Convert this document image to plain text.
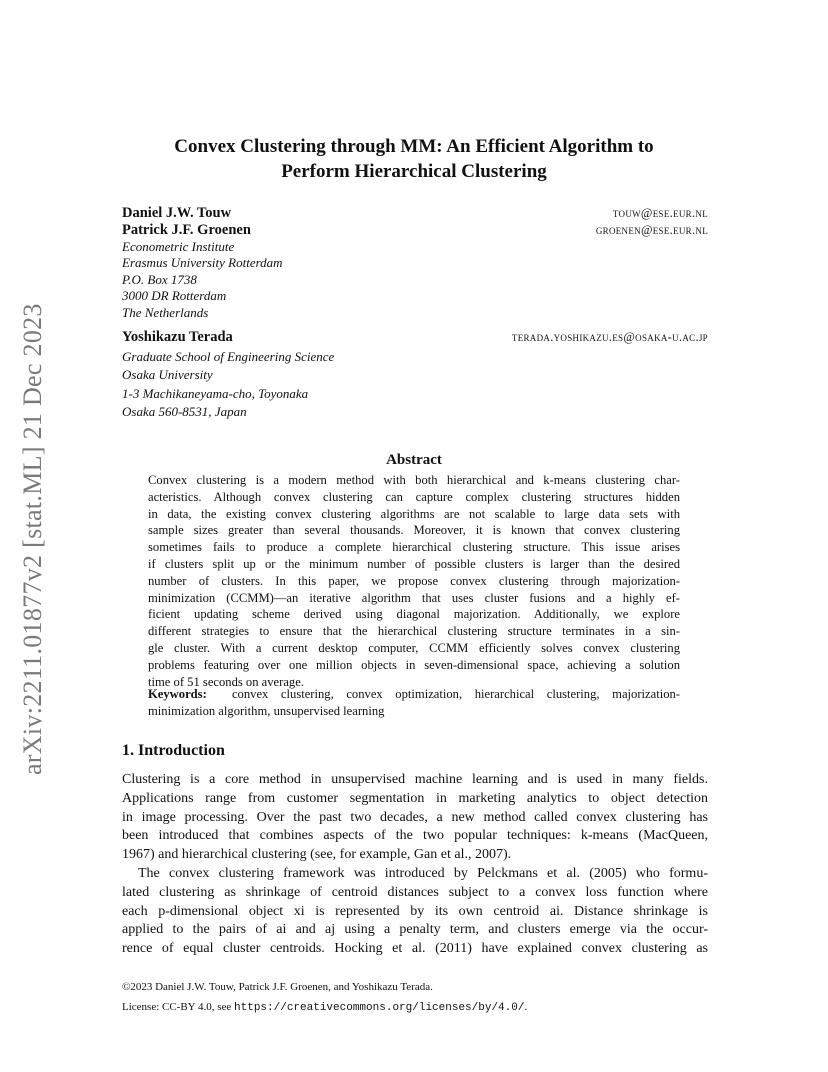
arXiv:2211.01877v2 [stat.ML] 21 Dec 2023
Convex Clustering through MM: An Efficient Algorithm to
Perform Hierarchical Clustering
Daniel J.W. Touw	touw@ese.eur.nl
Patrick J.F. Groenen	groenen@ese.eur.nl
Econometric Institute
Erasmus University Rotterdam
P.O. Box 1738
3000 DR Rotterdam
The Netherlands
Yoshikazu Terada	terada.yoshikazu.es@osaka-u.ac.jp
Graduate School of Engineering Science
Osaka University
1-3 Machikaneyama-cho, Toyonaka
Osaka 560-8531, Japan
Abstract
Convex clustering is a modern method with both hierarchical and k-means clustering char-
acteristics. Although convex clustering can capture complex clustering structures hidden
in data, the existing convex clustering algorithms are not scalable to large data sets with
sample sizes greater than several thousands. Moreover, it is known that convex clustering
sometimes fails to produce a complete hierarchical clustering structure. This issue arises
if clusters split up or the minimum number of possible clusters is larger than the desired
number of clusters. In this paper, we propose convex clustering through majorization-
minimization (CCMM)—an iterative algorithm that uses cluster fusions and a highly ef-
ficient updating scheme derived using diagonal majorization. Additionally, we explore
different strategies to ensure that the hierarchical clustering structure terminates in a sin-
gle cluster. With a current desktop computer, CCMM efficiently solves convex clustering
problems featuring over one million objects in seven-dimensional space, achieving a solution
time of 51 seconds on average.
Keywords: convex clustering, convex optimization, hierarchical clustering, majorization-
minimization algorithm, unsupervised learning
1. Introduction
Clustering is a core method in unsupervised machine learning and is used in many fields.
Applications range from customer segmentation in marketing analytics to object detection
in image processing. Over the past two decades, a new method called convex clustering has
been introduced that combines aspects of the two popular techniques: k-means (MacQueen,
1967) and hierarchical clustering (see, for example, Gan et al., 2007).
The convex clustering framework was introduced by Pelckmans et al. (2005) who formu-
lated clustering as shrinkage of centroid distances subject to a convex loss function where
each p-dimensional object xi is represented by its own centroid ai. Distance shrinkage is
applied to the pairs of ai and aj using a penalty term, and clusters emerge via the occur-
rence of equal cluster centroids. Hocking et al. (2011) have explained convex clustering as
©2023 Daniel J.W. Touw, Patrick J.F. Groenen, and Yoshikazu Terada.
License: CC-BY 4.0, see https://creativecommons.org/licenses/by/4.0/.
